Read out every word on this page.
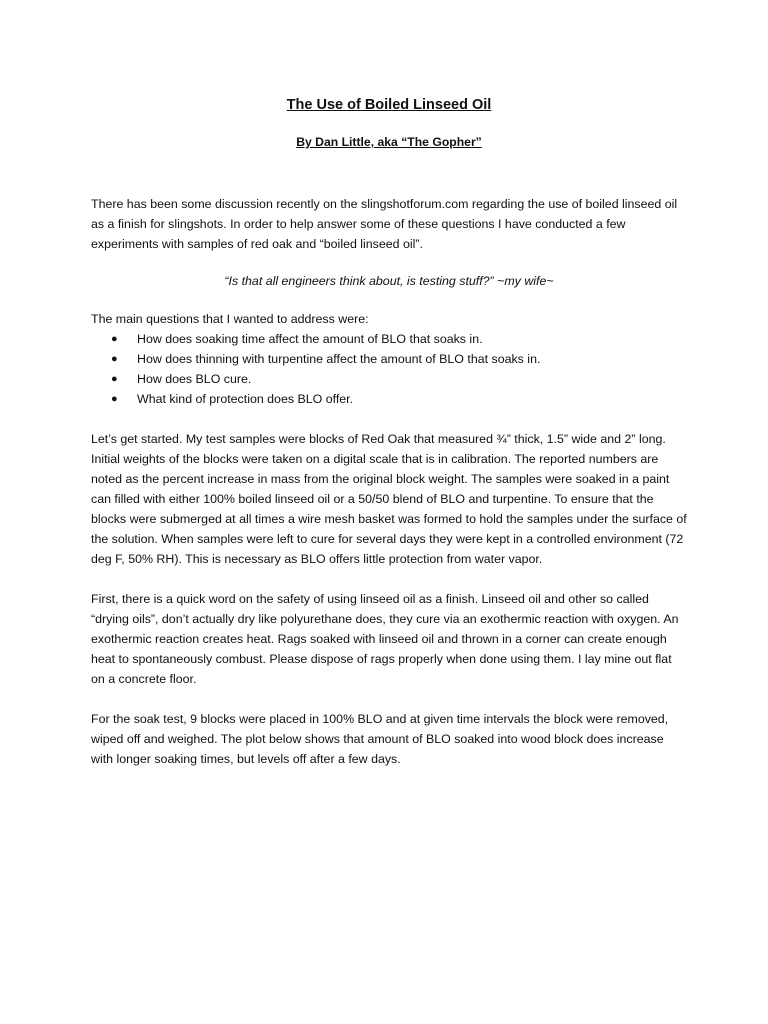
The Use of Boiled Linseed Oil

By Dan Little, aka “The Gopher”

There has been some discussion recently on the slingshotforum.com regarding the use of boiled linseed oil as a finish for slingshots. In order to help answer some of these questions I have conducted a few experiments with samples of red oak and “boiled linseed oil”.

“Is that all engineers think about, is testing stuff?” ~my wife~

The main questions that I wanted to address were:

● How does soaking time affect the amount of BLO that soaks in.
● How does thinning with turpentine affect the amount of BLO that soaks in.
● How does BLO cure.
● What kind of protection does BLO offer.

Let’s get started. My test samples were blocks of Red Oak that measured ¾” thick, 1.5” wide and 2” long. Initial weights of the blocks were taken on a digital scale that is in calibration. The reported numbers are noted as the percent increase in mass from the original block weight. The samples were soaked in a paint can filled with either 100% boiled linseed oil or a 50/50 blend of BLO and turpentine. To ensure that the blocks were submerged at all times a wire mesh basket was formed to hold the samples under the surface of the solution. When samples were left to cure for several days they were kept in a controlled environment (72 deg F, 50% RH). This is necessary as BLO offers little protection from water vapor.

First, there is a quick word on the safety of using linseed oil as a finish. Linseed oil and other so called “drying oils”, don’t actually dry like polyurethane does, they cure via an exothermic reaction with oxygen. An exothermic reaction creates heat. Rags soaked with linseed oil and thrown in a corner can create enough heat to spontaneously combust. Please dispose of rags properly when done using them. I lay mine out flat on a concrete floor.

For the soak test, 9 blocks were placed in 100% BLO and at given time intervals the block were removed, wiped off and weighed. The plot below shows that amount of BLO soaked into wood block does increase with longer soaking times, but levels off after a few days.
